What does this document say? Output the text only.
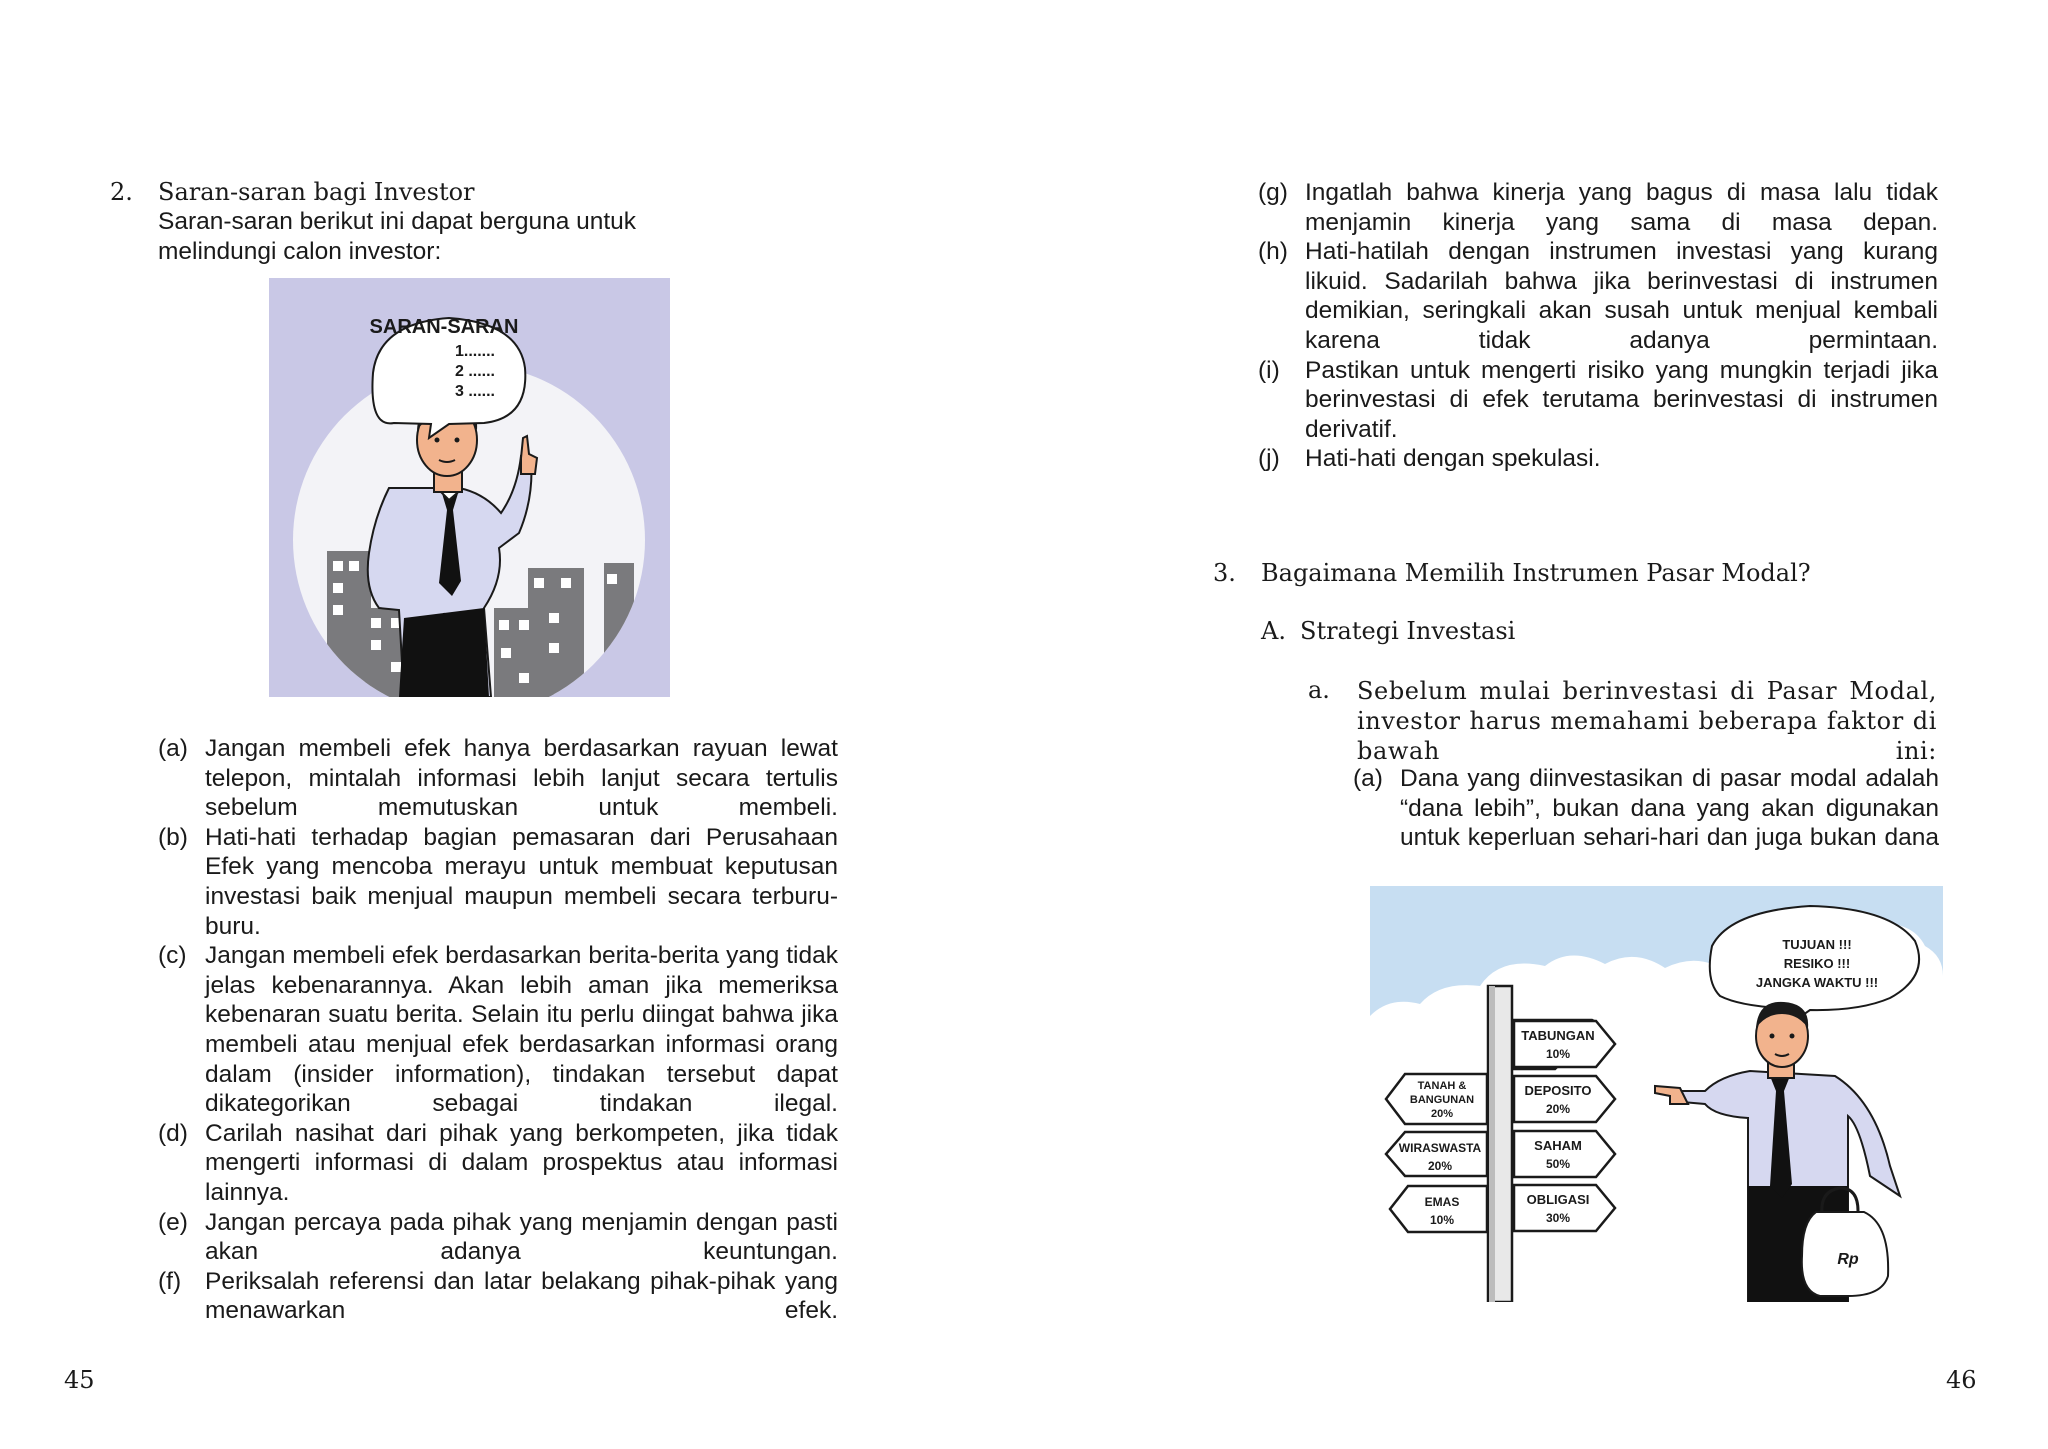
2. Saran-saran bagi Investor
Saran-saran berikut ini dapat berguna untuk melindungi calon investor:
SARAN-SARAN
1.......
2 ......
3 ......
(a) Jangan membeli efek hanya berdasarkan rayuan lewat telepon, mintalah informasi lebih lanjut secara tertulis sebelum memutuskan untuk membeli.
(b) Hati-hati terhadap bagian pemasaran dari Perusahaan Efek yang mencoba merayu untuk membuat keputusan investasi baik menjual maupun membeli secara terburu-buru.
(c) Jangan membeli efek berdasarkan berita-berita yang tidak jelas kebenarannya. Akan lebih aman jika memeriksa kebenaran suatu berita. Selain itu perlu diingat bahwa jika membeli atau menjual efek berdasarkan informasi orang dalam (insider information), tindakan tersebut dapat dikategorikan sebagai tindakan ilegal.
(d) Carilah nasihat dari pihak yang berkompeten, jika tidak mengerti informasi di dalam prospektus atau informasi lainnya.
(e) Jangan percaya pada pihak yang menjamin dengan pasti akan adanya keuntungan.
(f) Periksalah referensi dan latar belakang pihak-pihak yang menawarkan efek.
45
(g) Ingatlah bahwa kinerja yang bagus di masa lalu tidak menjamin kinerja yang sama di masa depan.
(h) Hati-hatilah dengan instrumen investasi yang kurang likuid. Sadarilah bahwa jika berinvestasi di instrumen demikian, seringkali akan susah untuk menjual kembali karena tidak adanya permintaan.
(i) Pastikan untuk mengerti risiko yang mungkin terjadi jika berinvestasi di efek terutama berinvestasi di instrumen derivatif.
(j) Hati-hati dengan spekulasi.
3. Bagaimana Memilih Instrumen Pasar Modal?
A. Strategi Investasi
a. Sebelum mulai berinvestasi di Pasar Modal, investor harus memahami beberapa faktor di bawah ini:
(a) Dana yang diinvestasikan di pasar modal adalah “dana lebih”, bukan dana yang akan digunakan untuk keperluan sehari-hari dan juga bukan dana
TABUNGAN
10%
DEPOSITO
20%
SAHAM
50%
OBLIGASI
30%
TANAH &
BANGUNAN
20%
WIRASWASTA
20%
EMAS
10%
TUJUAN !!!
RESIKO !!!
JANGKA WAKTU !!!
Rp
46
